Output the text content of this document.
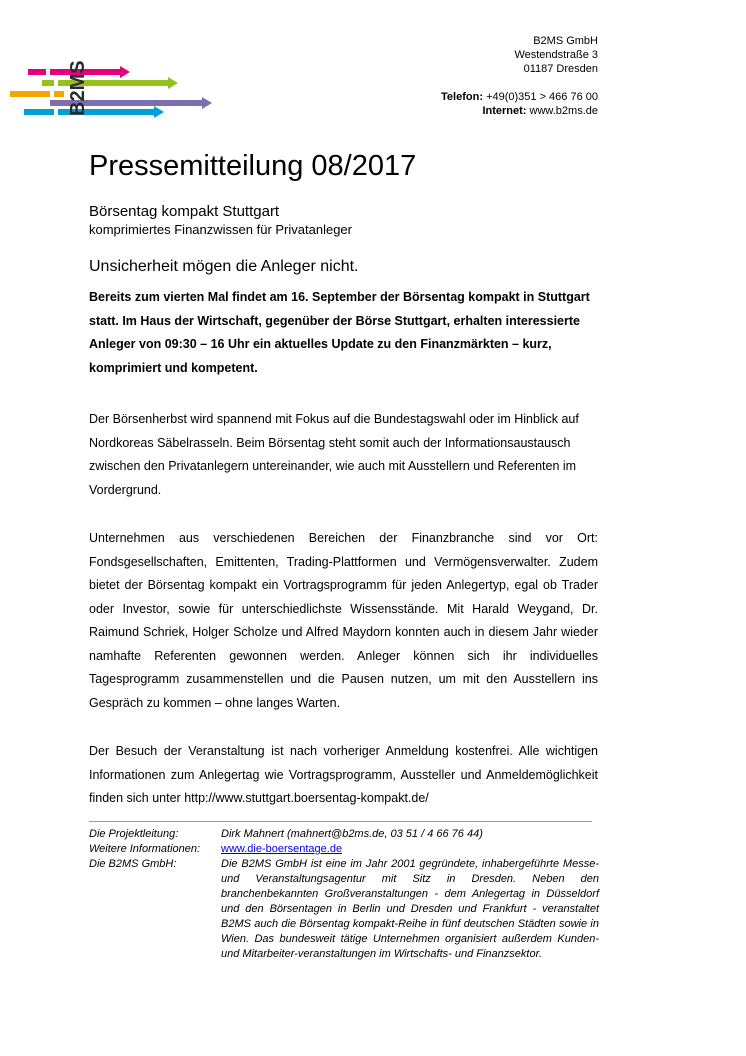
B2MS
B2MS GmbH
Westendstraße 3
01187 Dresden
Telefon: +49(0)351 > 466 76 00
Internet: www.b2ms.de
Pressemitteilung 08/2017
Börsentag kompakt Stuttgart
komprimiertes Finanzwissen für Privatanleger
Unsicherheit mögen die Anleger nicht.
Bereits zum vierten Mal findet am 16. September der Börsentag kompakt in Stuttgart statt. Im Haus der Wirtschaft, gegenüber der Börse Stuttgart, erhalten interessierte Anleger von 09:30 – 16 Uhr ein aktuelles Update zu den Finanzmärkten – kurz, komprimiert und kompetent.
Der Börsenherbst wird spannend mit Fokus auf die Bundestagswahl oder im Hinblick auf Nordkoreas Säbelrasseln. Beim Börsentag steht somit auch der Informationsaustausch zwischen den Privatanlegern untereinander, wie auch mit Ausstellern und Referenten im Vordergrund.
Unternehmen aus verschiedenen Bereichen der Finanzbranche sind vor Ort: Fondsgesellschaften, Emittenten, Trading-Plattformen und Vermögensverwalter. Zudem bietet der Börsentag kompakt ein Vortragsprogramm für jeden Anlegertyp, egal ob Trader oder Investor, sowie für unterschiedlichste Wissensstände. Mit Harald Weygand, Dr. Raimund Schriek, Holger Scholze und Alfred Maydorn konnten auch in diesem Jahr wieder namhafte Referenten gewonnen werden. Anleger können sich ihr individuelles Tagesprogramm zusammenstellen und die Pausen nutzen, um mit den Ausstellern ins Gespräch zu kommen – ohne langes Warten.
Der Besuch der Veranstaltung ist nach vorheriger Anmeldung kostenfrei. Alle wichtigen Informationen zum Anlegertag wie Vortragsprogramm, Aussteller und Anmeldemöglichkeit finden sich unter http://www.stuttgart.boersentag-kompakt.de/
Die Projektleitung:	Dirk Mahnert (mahnert@b2ms.de, 03 51 / 4 66 76 44)
Weitere Informationen:	www.die-boersentage.de
Die B2MS GmbH:	Die B2MS GmbH ist eine im Jahr 2001 gegründete, inhabergeführte Messe- und Veranstaltungsagentur mit Sitz in Dresden. Neben den branchenbekannten Großveranstaltungen - dem Anlegertag in Düsseldorf und den Börsentagen in Berlin und Dresden und Frankfurt - veranstaltet B2MS auch die Börsentag kompakt-Reihe in fünf deutschen Städten sowie in Wien. Das bundesweit tätige Unternehmen organisiert außerdem Kunden- und Mitarbeiter-veranstaltungen im Wirtschafts- und Finanzsektor.
